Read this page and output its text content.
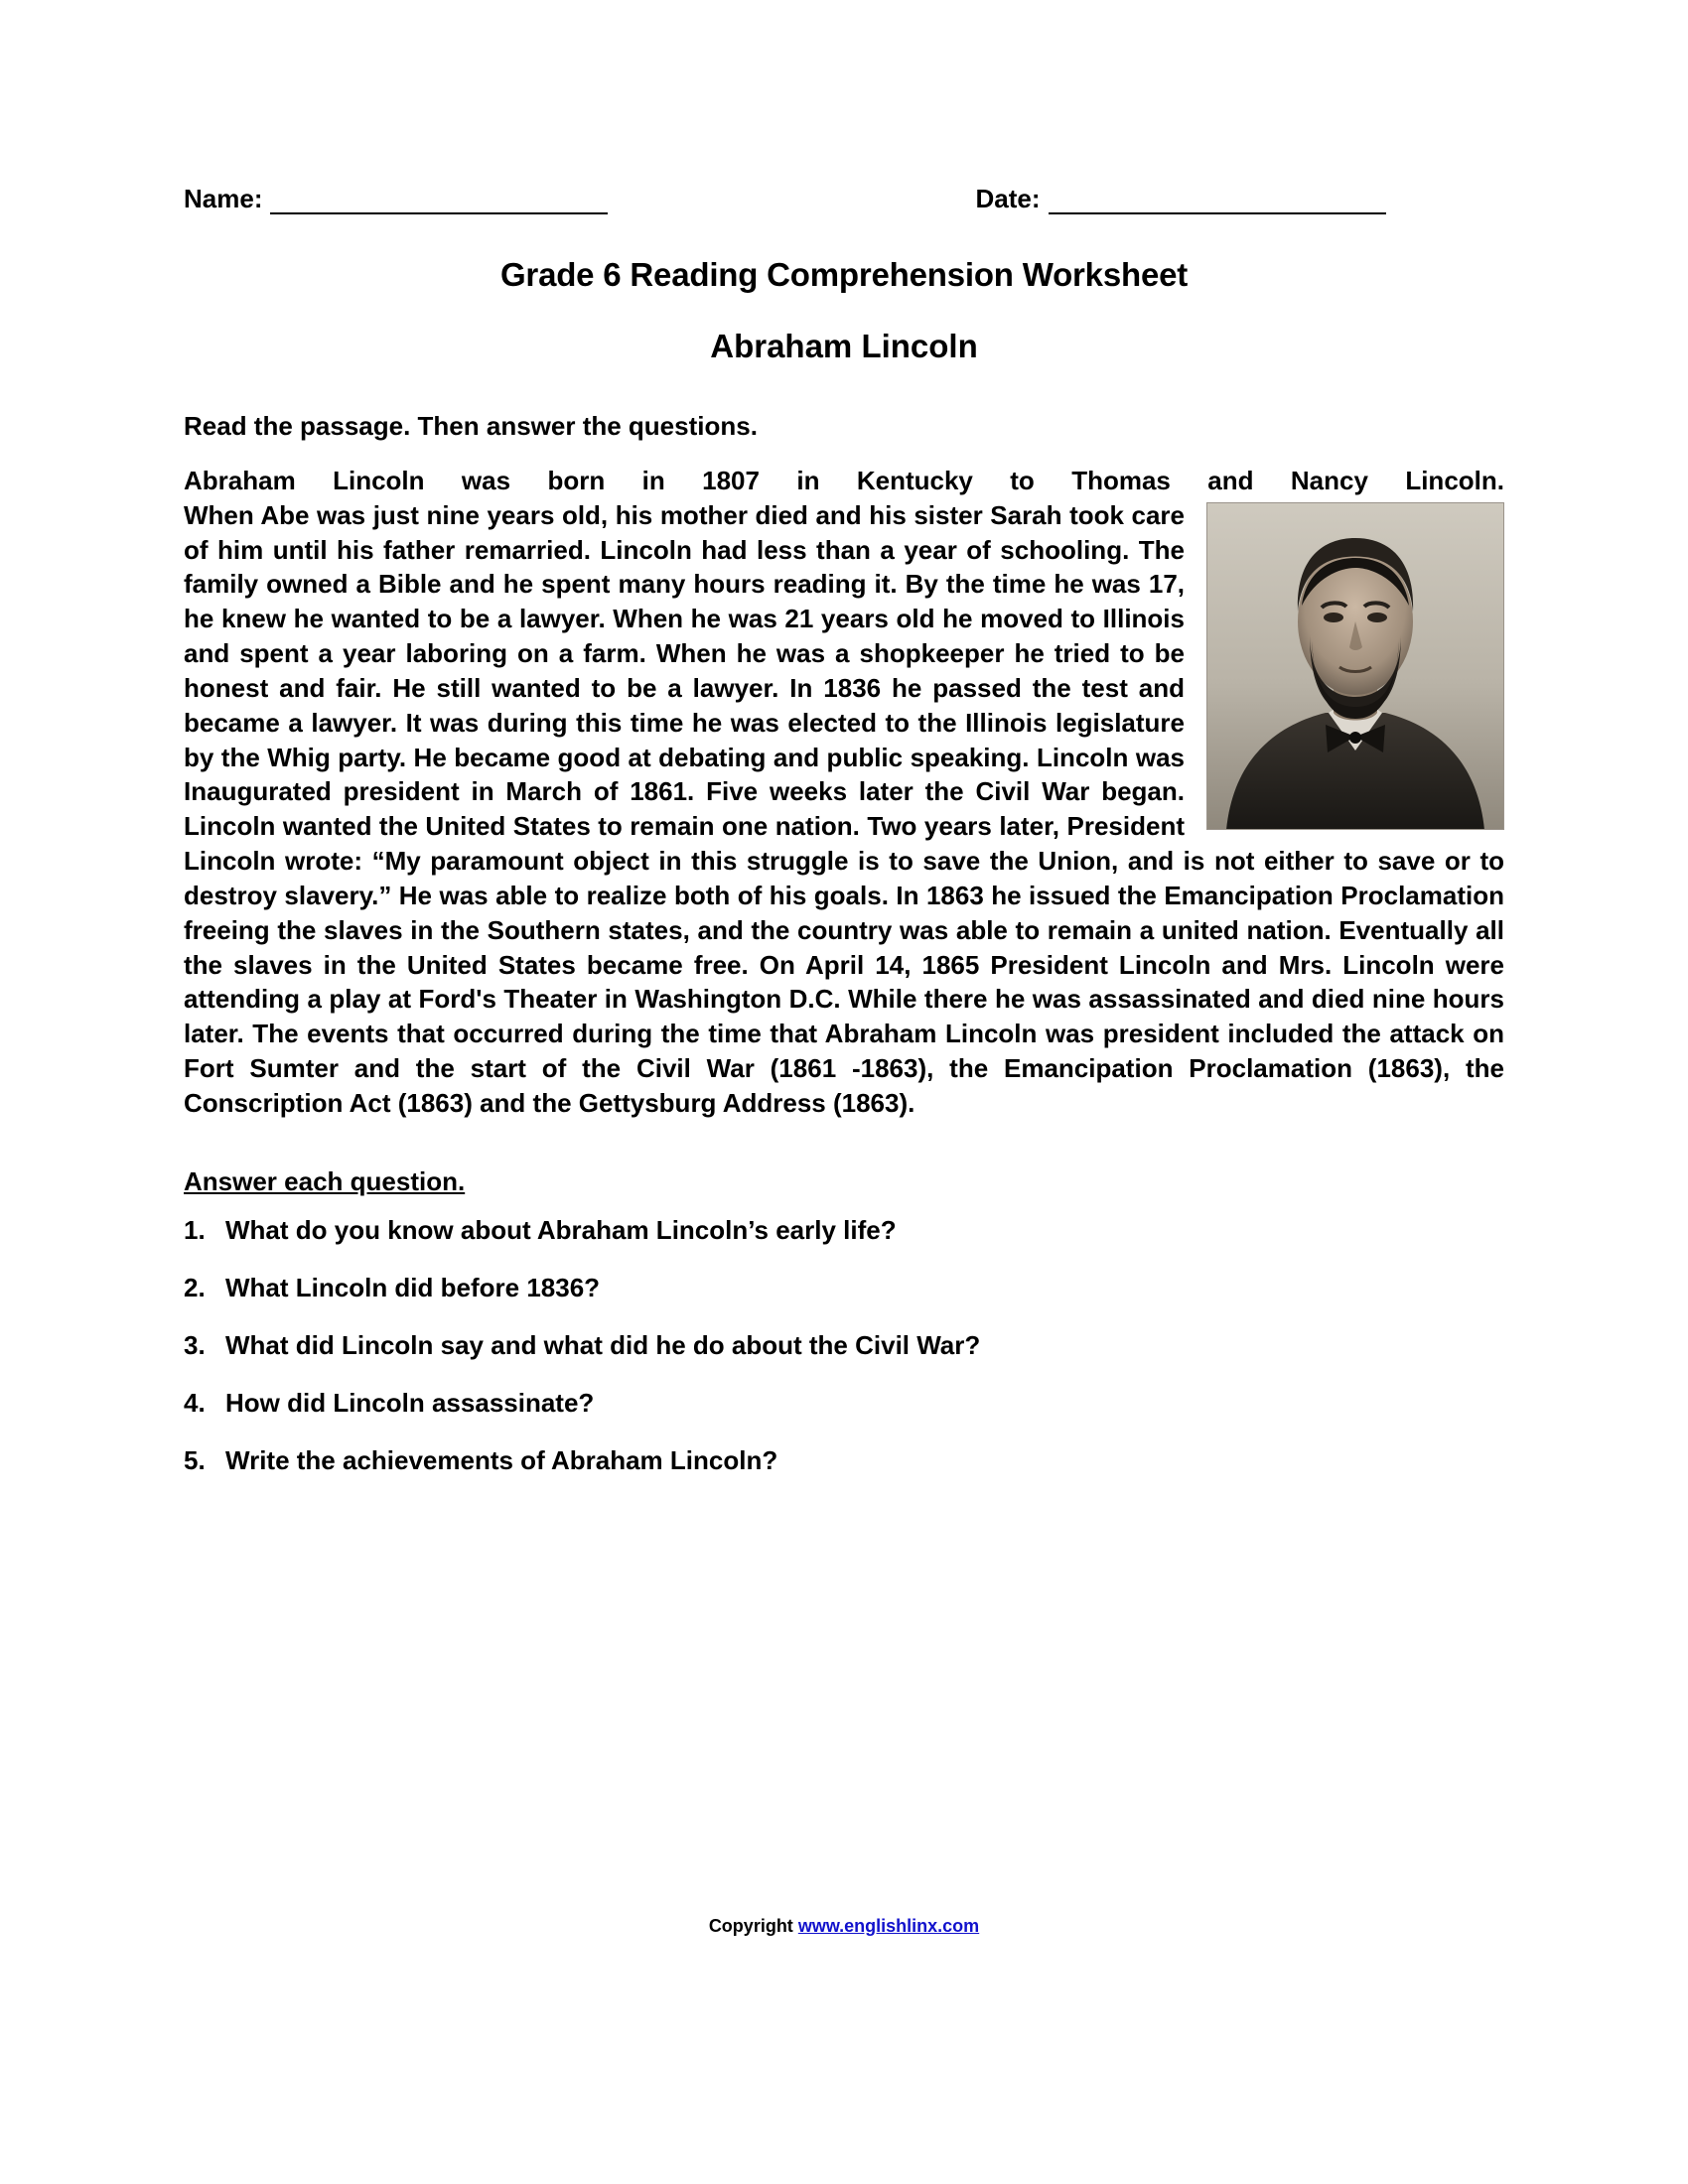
Name:	Date:
Grade 6 Reading Comprehension Worksheet
Abraham Lincoln

Read the passage. Then answer the questions.

Abraham Lincoln was born in 1807 in Kentucky to Thomas and Nancy Lincoln.

When Abe was just nine years old, his mother died and his sister Sarah took care of him until his father remarried. Lincoln had less than a year of schooling. The family owned a Bible and he spent many hours reading it. By the time he was 17, he knew he wanted to be a lawyer. When he was 21 years old he moved to Illinois and spent a year laboring on a farm. When he was a shopkeeper he tried to be honest and fair. He still wanted to be a lawyer. In 1836 he passed the test and became a lawyer. It was during this time he was elected to the Illinois legislature by the Whig party. He became good at debating and public speaking. Lincoln was Inaugurated president in March of 1861. Five weeks later the Civil War began. Lincoln wanted the United States to remain one nation. Two years later, President Lincoln wrote: “My paramount object in this struggle is to save the Union, and is not either to save or to destroy slavery.” He was able to realize both of his goals. In 1863 he issued the Emancipation Proclamation freeing the slaves in the Southern states, and the country was able to remain a united nation. Eventually all the slaves in the United States became free. On April 14, 1865 President Lincoln and Mrs. Lincoln were attending a play at Ford's Theater in Washington D.C. While there he was assassinated and died nine hours later. The events that occurred during the time that Abraham Lincoln was president included the attack on Fort Sumter and the start of the Civil War (1861 -1863), the Emancipation Proclamation (1863), the Conscription Act (1863) and the Gettysburg Address (1863).

Answer each question.
1. What do you know about Abraham Lincoln’s early life?
2. What Lincoln did before 1836?
3. What did Lincoln say and what did he do about the Civil War?
4. How did Lincoln assassinate?
5. Write the achievements of Abraham Lincoln?
Copyright www.englishlinx.com
